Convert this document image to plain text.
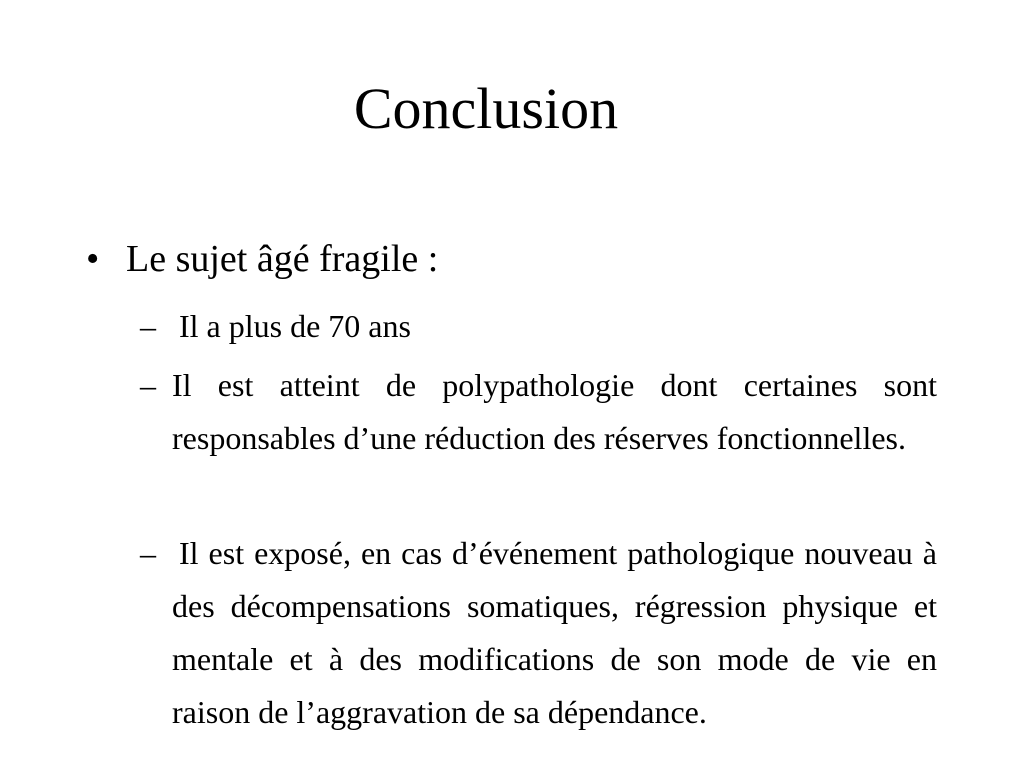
Conclusion
• Le sujet âgé fragile :
– Il a plus de 70 ans
– Il est atteint de polypathologie dont certaines sont responsables d’une réduction des réserves fonctionnelles.
– Il est exposé, en cas d’événement pathologique nouveau à des décompensations somatiques, régression physique et mentale et à des modifications de son mode de vie en raison de l’aggravation de sa dépendance.
